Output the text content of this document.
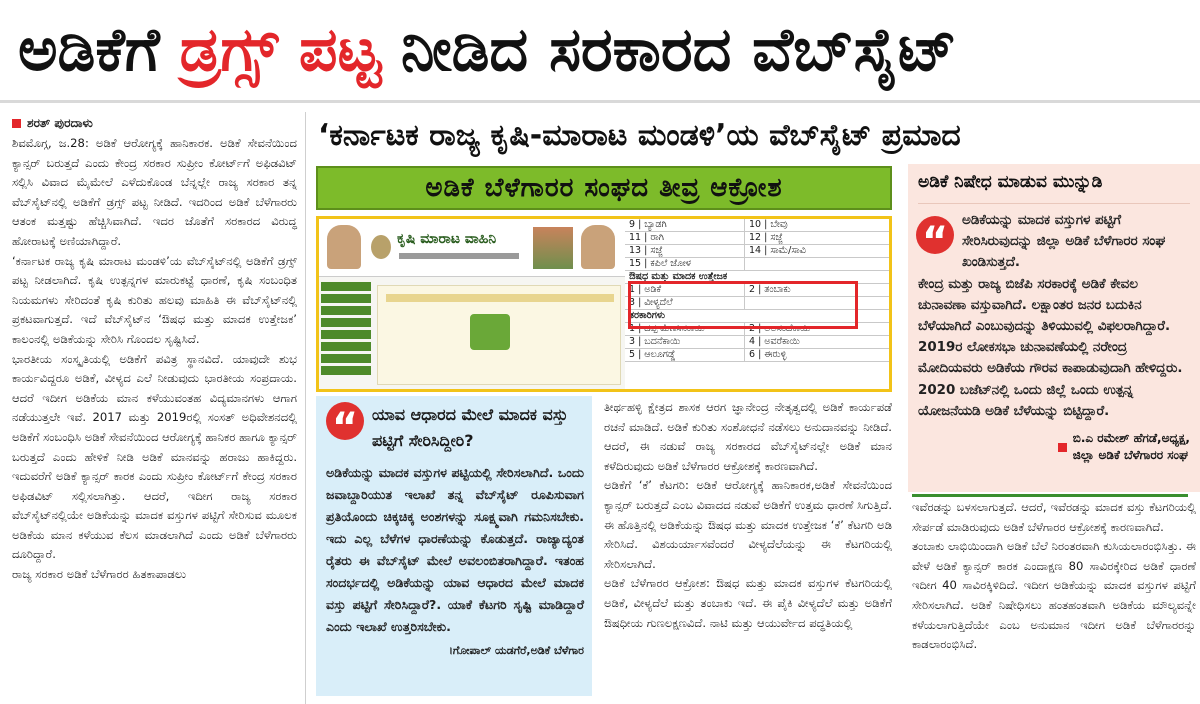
ಅಡಿಕೆಗೆ ಡ್ರಗ್ಸ್ ಪಟ್ಟ ನೀಡಿದ ಸರಕಾರದ ವೆಬ್‌ಸೈಟ್
ಶರತ್ ಪುರದಾಳು

ಶಿವಮೊಗ್ಗ, ಜ.28: ಅಡಿಕೆ ಆರೋಗ್ಯಕ್ಕೆ ಹಾನಿಕಾರಕ. ಅಡಿಕೆ ಸೇವನೆಯಿಂದ ಕ್ಯಾನ್ಸರ್ ಬರುತ್ತದೆ ಎಂದು ಕೇಂದ್ರ ಸರಕಾರ ಸುಪ್ರೀಂ ಕೋರ್ಟ್‌ಗೆ ಅಫಿಡವಿಟ್ ಸಲ್ಲಿಸಿ ವಿವಾದ ಮೈಮೇಲೆ ಎಳೆದುಕೊಂಡ ಬೆನ್ನಲ್ಲೇ ರಾಜ್ಯ ಸರಕಾರ ತನ್ನ ವೆಬ್‌ಸೈಟ್‌ನಲ್ಲಿ ಅಡಿಕೆಗೆ ಡ್ರಗ್ಸ್ ಪಟ್ಟ ನೀಡಿದೆ. ಇದರಿಂದ ಅಡಿಕೆ ಬೆಳೆಗಾರರು ಆತಂಕ ಮತ್ತಷ್ಟು ಹೆಚ್ಚಿಸಿವಾಗಿದೆ. ಇದರ ಜೊತೆಗೆ ಸರಕಾರದ ವಿರುದ್ಧ ಹೋರಾಟಕ್ಕೆ ಅಣಿಯಾಗಿದ್ದಾರೆ.

‘ಕರ್ನಾಟಕ ರಾಜ್ಯ ಕೃಷಿ ಮಾರಾಟ ಮಂಡಳಿ’ಯ ವೆಬ್‌ಸೈಟ್‌ನಲ್ಲಿ ಅಡಿಕೆಗೆ ಡ್ರಗ್ಸ್ ಪಟ್ಟ ನೀಡಲಾಗಿದೆ. ಕೃಷಿ ಉತ್ಪನ್ನಗಳ ಮಾರುಕಟ್ಟೆ ಧಾರಣೆ, ಕೃಷಿ ಸಂಬಂಧಿತ ನಿಯಮಗಳು ಸೇರಿದಂತೆ ಕೃಷಿ ಕುರಿತು ಹಲವು ಮಾಹಿತಿ ಈ ವೆಬ್‌ಸೈಟ್‌ನಲ್ಲಿ ಪ್ರಕಟವಾಗುತ್ತದೆ. ಇದೆ ವೆಬ್‌ಸೈಟ್‌ನ ‘ಔಷಧ ಮತ್ತು ಮಾದಕ ಉತ್ತೇಜಕ’ ಕಾಲಂನಲ್ಲಿ ಅಡಿಕೆಯನ್ನು ಸೇರಿಸಿ ಗೊಂದಲ ಸೃಷ್ಟಿಸಿದೆ.

ಭಾರತೀಯ ಸಂಸ್ಕೃತಿಯಲ್ಲಿ ಅಡಿಕೆಗೆ ಪವಿತ್ರ ಸ್ಥಾನವಿದೆ. ಯಾವುದೇ ಶುಭ ಕಾರ್ಯವಿದ್ದರೂ ಅಡಿಕೆ, ವೀಳ್ಯದ ಎಲೆ ನೀಡುವುದು ಭಾರತೀಯ ಸಂಪ್ರದಾಯ. ಆದರೆ ಇದೀಗ ಅಡಿಕೆಯ ಮಾನ ಕಳೆಯುವಂತಹ ವಿದ್ಯಮಾನಗಳು ಆಗಾಗ ನಡೆಯುತ್ತಲೇ ಇವೆ. 2017 ಮತ್ತು 2019ರಲ್ಲಿ ಸಂಸತ್ ಅಧಿವೇಶನದಲ್ಲಿ ಅಡಿಕೆಗೆ ಸಂಬಂಧಿಸಿ ಅಡಿಕೆ ಸೇವನೆಯಿಂದ ಆರೋಗ್ಯಕ್ಕೆ ಹಾನಿಕರ ಹಾಗೂ ಕ್ಯಾನ್ಸರ್ ಬರುತ್ತದೆ ಎಂದು ಹೇಳಿಕೆ ನೀಡಿ ಅಡಿಕೆ ಮಾನವನ್ನು ಹರಾಜು ಹಾಕಿದ್ದರು. ಇದುವರೆಗೆ ಅಡಿಕೆ ಕ್ಯಾನ್ಸರ್ ಕಾರಕ ಎಂದು ಸುಪ್ರೀಂ ಕೋರ್ಟ್‌ಗೆ ಕೇಂದ್ರ ಸರಕಾರ ಅಫಿಡವಿಟ್ ಸಲ್ಲಿಸಲಾಗಿತ್ತು. ಆದರೆ, ಇದೀಗ ರಾಜ್ಯ ಸರಕಾರ ವೆಬ್‌ಸೈಟ್‌ನಲ್ಲಿಯೇ ಅಡಿಕೆಯನ್ನು ಮಾದಕ ವಸ್ತುಗಳ ಪಟ್ಟಿಗೆ ಸೇರಿಸುವ ಮೂಲಕ ಅಡಿಕೆಯ ಮಾನ ಕಳೆಯುವ ಕೆಲಸ ಮಾಡಲಾಗಿದೆ ಎಂದು ಅಡಿಕೆ ಬೆಳೆಗಾರರು ದೂರಿದ್ದಾರೆ.

ರಾಜ್ಯ ಸರಕಾರ ಅಡಿಕೆ ಬೆಳೆಗಾರರ ಹಿತಕಾಪಾಡಲು

‘ಕರ್ನಾಟಕ ರಾಜ್ಯ ಕೃಷಿ-ಮಾರಾಟ ಮಂಡಳಿ’ಯ ವೆಬ್‌ಸೈಟ್ ಪ್ರಮಾದ
ಅಡಿಕೆ ಬೆಳೆಗಾರರ ಸಂಘದ ತೀವ್ರ ಆಕ್ರೋಶ
ಕೃಷಿ ಮಾರಾಟ ವಾಹಿನಿ
9 | ಬ್ಯಾಡಗಿ	10 | ಬೇವು
11 | ರಾಗಿ	12 | ಸಜ್ಜೆ
13 | ಸಜ್ಜೆ	14 | ಸಾಮೆ/ಸಾವಿ
15 | ಕಪಿಲೆ ಜೋಳ
ಔಷಧ ಮತ್ತು ಮಾದಕ ಉತ್ತೇಜಕ
1 | ಅಡಿಕೆ	2 | ತಂಬಾಕು
3 | ವೀಳ್ಯದೆಲೆ
ತರಕಾರಿಗಳು
1 | ದಪ್ಪ ಮೆಣಸಿನಕಾಯಿ	2 | ಅಲಸಂದೆಕಾಯಿ
3 | ಬದನೆಕಾಯಿ	4 | ಅವರೆಕಾಯಿ
5 | ಆಲೂಗಡ್ಡೆ	6 | ಈರುಳ್ಳಿ
“ ಯಾವ ಆಧಾರದ ಮೇಲೆ ಮಾದಕ ವಸ್ತು ಪಟ್ಟಿಗೆ ಸೇರಿಸಿದ್ದೀರಿ?

ಅಡಿಕೆಯನ್ನು ಮಾದಕ ವಸ್ತುಗಳ ಪಟ್ಟಿಯಲ್ಲಿ ಸೇರಿಸಲಾಗಿದೆ. ಒಂದು ಜವಾಬ್ದಾರಿಯುತ ಇಲಾಖೆ ತನ್ನ ವೆಬ್‌ಸೈಟ್ ರೂಪಿಸುವಾಗ ಪ್ರತಿಯೊಂದು ಚಿಕ್ಕಚಿಕ್ಕ ಅಂಶಗಳನ್ನು ಸೂಕ್ಷ್ಮವಾಗಿ ಗಮನಿಸಬೇಕು. ಇದು ಎಲ್ಲ ಬೆಳೆಗಳ ಧಾರಣೆಯನ್ನು ಕೊಡುತ್ತದೆ. ರಾಜ್ಯಾದ್ಯಂತ ರೈತರು ಈ ವೆಬ್‌ಸೈಟ್ ಮೇಲೆ ಅವಲಂಬಿತರಾಗಿದ್ದಾರೆ. ಇತಂಹ ಸಂದರ್ಭದಲ್ಲಿ ಅಡಿಕೆಯನ್ನು ಯಾವ ಆಧಾರದ ಮೇಲೆ ಮಾದಕ ವಸ್ತು ಪಟ್ಟಿಗೆ ಸೇರಿಸಿದ್ದಾರೆ?. ಯಾಕೆ ಕೆಟಗರಿ ಸೃಷ್ಟಿ ಮಾಡಿದ್ದಾರೆ ಎಂದು ಇಲಾಖೆ ಉತ್ತರಿಸಬೇಕು.

।ಗೋಪಾಲ್ ಯಡಗೆರೆ,ಅಡಿಕೆ ಬೆಳೆಗಾರ

ತೀರ್ಥಹಳ್ಳಿ ಕ್ಷೇತ್ರದ ಶಾಸಕ ಆರಗ ಜ್ಞಾನೇಂದ್ರ ನೇತೃತ್ವದಲ್ಲಿ ಅಡಿಕೆ ಕಾರ್ಯಪಡೆ ರಚನೆ ಮಾಡಿದೆ. ಅಡಿಕೆ ಕುರಿತು ಸಂಶೋಧನೆ ನಡೆಸಲು ಅನುದಾನವನ್ನು ನೀಡಿದೆ. ಆದರೆ, ಈ ನಡುವೆ ರಾಜ್ಯ ಸರಕಾರದ ವೆಬ್‌ಸೈಟ್‌ನಲ್ಲೇ ಅಡಿಕೆ ಮಾನ ಕಳೆದಿರುವುದು ಅಡಿಕೆ ಬೆಳೆಗಾರರ ಆಕ್ರೋಶಕ್ಕೆ ಕಾರಣವಾಗಿದೆ.

ಅಡಿಕೆಗೆ ‘ಕೆ’ ಕೆಟಗರಿ: ಅಡಿಕೆ ಆರೋಗ್ಯಕ್ಕೆ ಹಾನಿಕಾರಕ,ಅಡಿಕೆ ಸೇವನೆಯಿಂದ ಕ್ಯಾನ್ಸರ್ ಬರುತ್ತದೆ ಎಂಬ ವಿವಾದದ ನಡುವೆ ಅಡಿಕೆಗೆ ಉತ್ತಮ ಧಾರಣೆ ಸಿಗುತ್ತಿದೆ. ಈ ಹೊತ್ತಿನಲ್ಲಿ ಅಡಿಕೆಯನ್ನು ಔಷಧ ಮತ್ತು ಮಾದಕ ಉತ್ತೇಜಕ ‘ಕೆ’ ಕೆಟಗರಿ ಅಡಿ ಸೇರಿಸಿದೆ. ವಿಶಯರ್ಯಾಸವೆಂದರೆ ವೀಳ್ಯದೆಲೆಯನ್ನು ಈ ಕೆಟಗರಿಯಲ್ಲಿ ಸೇರಿಸಲಾಗಿದೆ.

ಅಡಿಕೆ ಬೆಳೆಗಾರರ ಆಕ್ರೋಶ: ಔಷಧ ಮತ್ತು ಮಾದಕ ವಸ್ತುಗಳ ಕೆಟಗರಿಯಲ್ಲಿ ಅಡಿಕೆ, ವೀಳ್ಯದೆಲೆ ಮತ್ತು ತಂಬಾಕು ಇದೆ. ಈ ಪೈಕಿ ವೀಳ್ಯದೆಲೆ ಮತ್ತು ಅಡಿಕೆಗೆ ಔಷಧೀಯ ಗುಣಲಕ್ಷಣವಿದೆ. ನಾಟಿ ಮತ್ತು ಆಯುರ್ವೇದ ಪದ್ಧತಿಯಲ್ಲಿ

ಅಡಿಕೆ ನಿಷೇಧ ಮಾಡುವ ಮುನ್ನುಡಿ
“	ಅಡಿಕೆಯನ್ನು ಮಾದಕ ವಸ್ತುಗಳ ಪಟ್ಟಿಗೆ ಸೇರಿಸಿರುವುದನ್ನು ಜಿಲ್ಲಾ ಅಡಿಕೆ ಬೆಳೆಗಾರರ ಸಂಘ ಖಂಡಿಸುತ್ತದೆ.

ಕೇಂದ್ರ ಮತ್ತು ರಾಜ್ಯ ಬಿಜೆಪಿ ಸರಕಾರಕ್ಕೆ ಅಡಿಕೆ ಕೇವಲ ಚುನಾವಣಾ ವಸ್ತುವಾಗಿದೆ. ಲಕ್ಷಾಂತರ ಜನರ ಬದುಕಿನ ಬೆಳೆಯಾಗಿದೆ ಎಂಬುವುದನ್ನು ತಿಳಿಯುವಲ್ಲಿ ವಿಫಲರಾಗಿದ್ದಾರೆ. 2019ರ ಲೋಕಸಭಾ ಚುನಾವಣೆಯಲ್ಲಿ ನರೇಂದ್ರ ಮೋದಿಯವರು ಅಡಿಕೆಯ ಗೌರವ ಕಾಪಾಡುವುದಾಗಿ ಹೇಳಿದ್ದರು. 2020 ಬಜೆಟ್‌ನಲ್ಲಿ ಒಂದು ಜಿಲ್ಲೆ ಒಂದು ಉತ್ಪನ್ನ ಯೋಜನೆಯಡಿ ಅಡಿಕೆ ಬೆಳೆಯನ್ನು ಬಿಟ್ಟಿದ್ದಾರೆ.

ಬಿ.ಎ ರಮೇಶ್ ಹೆಗಡೆ,ಅಧ್ಯಕ್ಷ,
ಜಿಲ್ಲಾ ಅಡಿಕೆ ಬೆಳೆಗಾರರ ಸಂಘ

ಇವೆರಡನ್ನು ಬಳಸಲಾಗುತ್ತದೆ. ಆದರೆ, ಇವೆರಡನ್ನು ಮಾದಕ ವಸ್ತು ಕೆಟಗರಿಯಲ್ಲಿ ಸೇರ್ಪಡೆ ಮಾಡಿರುವುದು ಅಡಿಕೆ ಬೆಳೆಗಾರರ ಆಕ್ರೋಶಕ್ಕೆ ಕಾರಣವಾಗಿದೆ.

ತಂಬಾಕು ಲಾಭಿಯಿಂದಾಗಿ ಅಡಿಕೆ ಬೆಲೆ ನಿರಂತರವಾಗಿ ಕುಸಿಯಲಾರಂಭಿಸಿತ್ತು. ಈ ವೇಳೆ ಅಡಿಕೆ ಕ್ಯಾನ್ಸರ್ ಕಾರಕ ಎಂದಾಕ್ಷಣ 80 ಸಾವಿರಕ್ಕೇರಿದ ಅಡಿಕೆ ಧಾರಣೆ ಇದೀಗ 40 ಸಾವಿರಕ್ಕಿಳಿದಿದೆ. ಇದೀಗ ಅಡಿಕೆಯನ್ನು ಮಾದಕ ವಸ್ತುಗಳ ಪಟ್ಟಿಗೆ ಸೇರಿಸಲಾಗಿದೆ. ಅಡಿಕೆ ನಿಷೇಧಿಸಲು ಹಂತಹಂತವಾಗಿ ಅಡಿಕೆಯ ಮೌಲ್ಯವನ್ನೇ ಕಳೆಯಲಾಗುತ್ತಿದೆಯೇ ಎಂಬ ಅನುಮಾನ ಇದೀಗ ಅಡಿಕೆ ಬೆಳೆಗಾರರನ್ನು ಕಾಡಲಾರಂಭಿಸಿದೆ.
